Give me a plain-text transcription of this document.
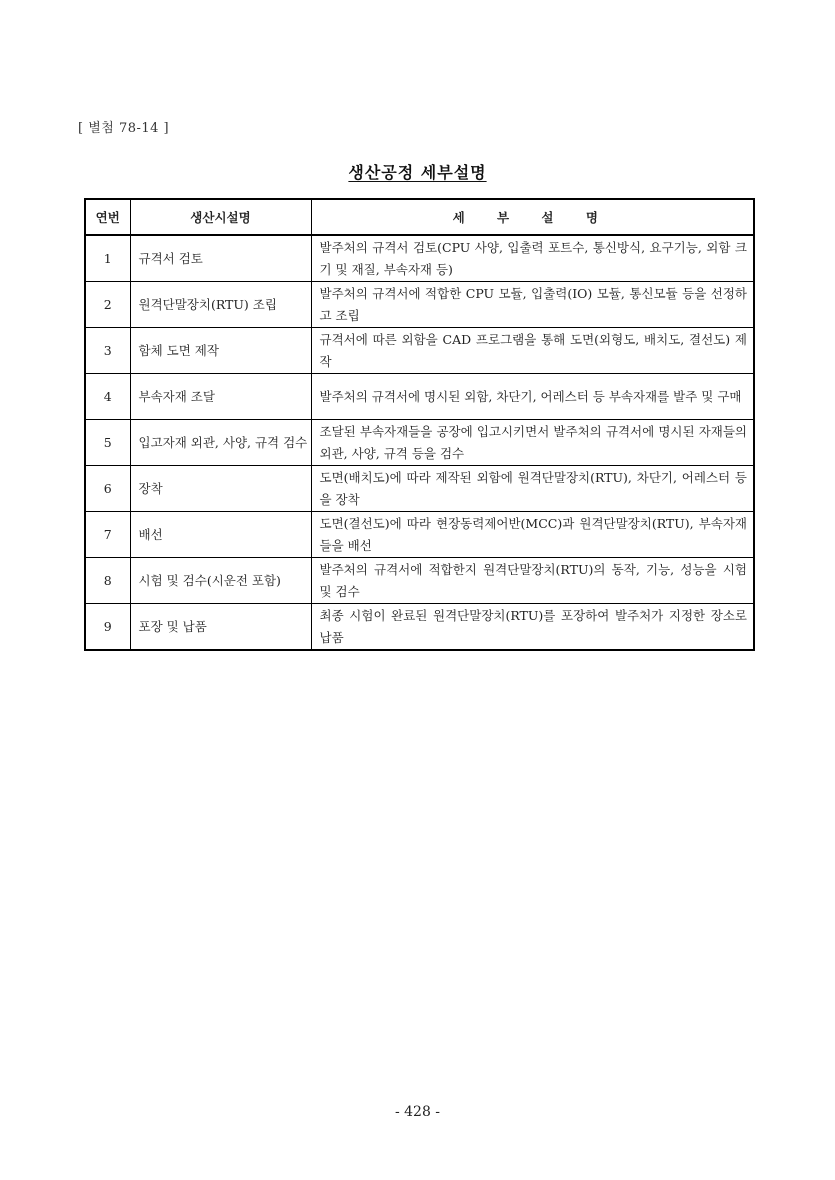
[ 별첨 78-14 ]
생산공정 세부설명
연번	생산시설명	세 부 설 명
1	규격서 검토	발주처의 규격서 검토(CPU 사양, 입출력 포트수, 통신방식, 요구기능, 외함 크기 및 재질, 부속자재 등)
2	원격단말장치(RTU) 조립	발주처의 규격서에 적합한 CPU 모듈, 입출력(IO) 모듈, 통신모듈 등을 선정하고 조립
3	함체 도면 제작	규격서에 따른 외함을 CAD 프로그램을 통해 도면(외형도, 배치도, 결선도) 제작
4	부속자재 조달	발주처의 규격서에 명시된 외함, 차단기, 어레스터 등 부속자재를 발주 및 구매
5	입고자재 외관, 사양, 규격 검수	조달된 부속자재들을 공장에 입고시키면서 발주처의 규격서에 명시된 자재들의 외관, 사양, 규격 등을 검수
6	장착	도면(배치도)에 따라 제작된 외함에 원격단말장치(RTU), 차단기, 어레스터 등을 장착
7	배선	도면(결선도)에 따라 현장동력제어반(MCC)과 원격단말장치(RTU), 부속자재들을 배선
8	시험 및 검수(시운전 포함)	발주처의 규격서에 적합한지 원격단말장치(RTU)의 동작, 기능, 성능을 시험 및 검수
9	포장 및 납품	최종 시험이 완료된 원격단말장치(RTU)를 포장하여 발주처가 지정한 장소로 납품
- 428 -
